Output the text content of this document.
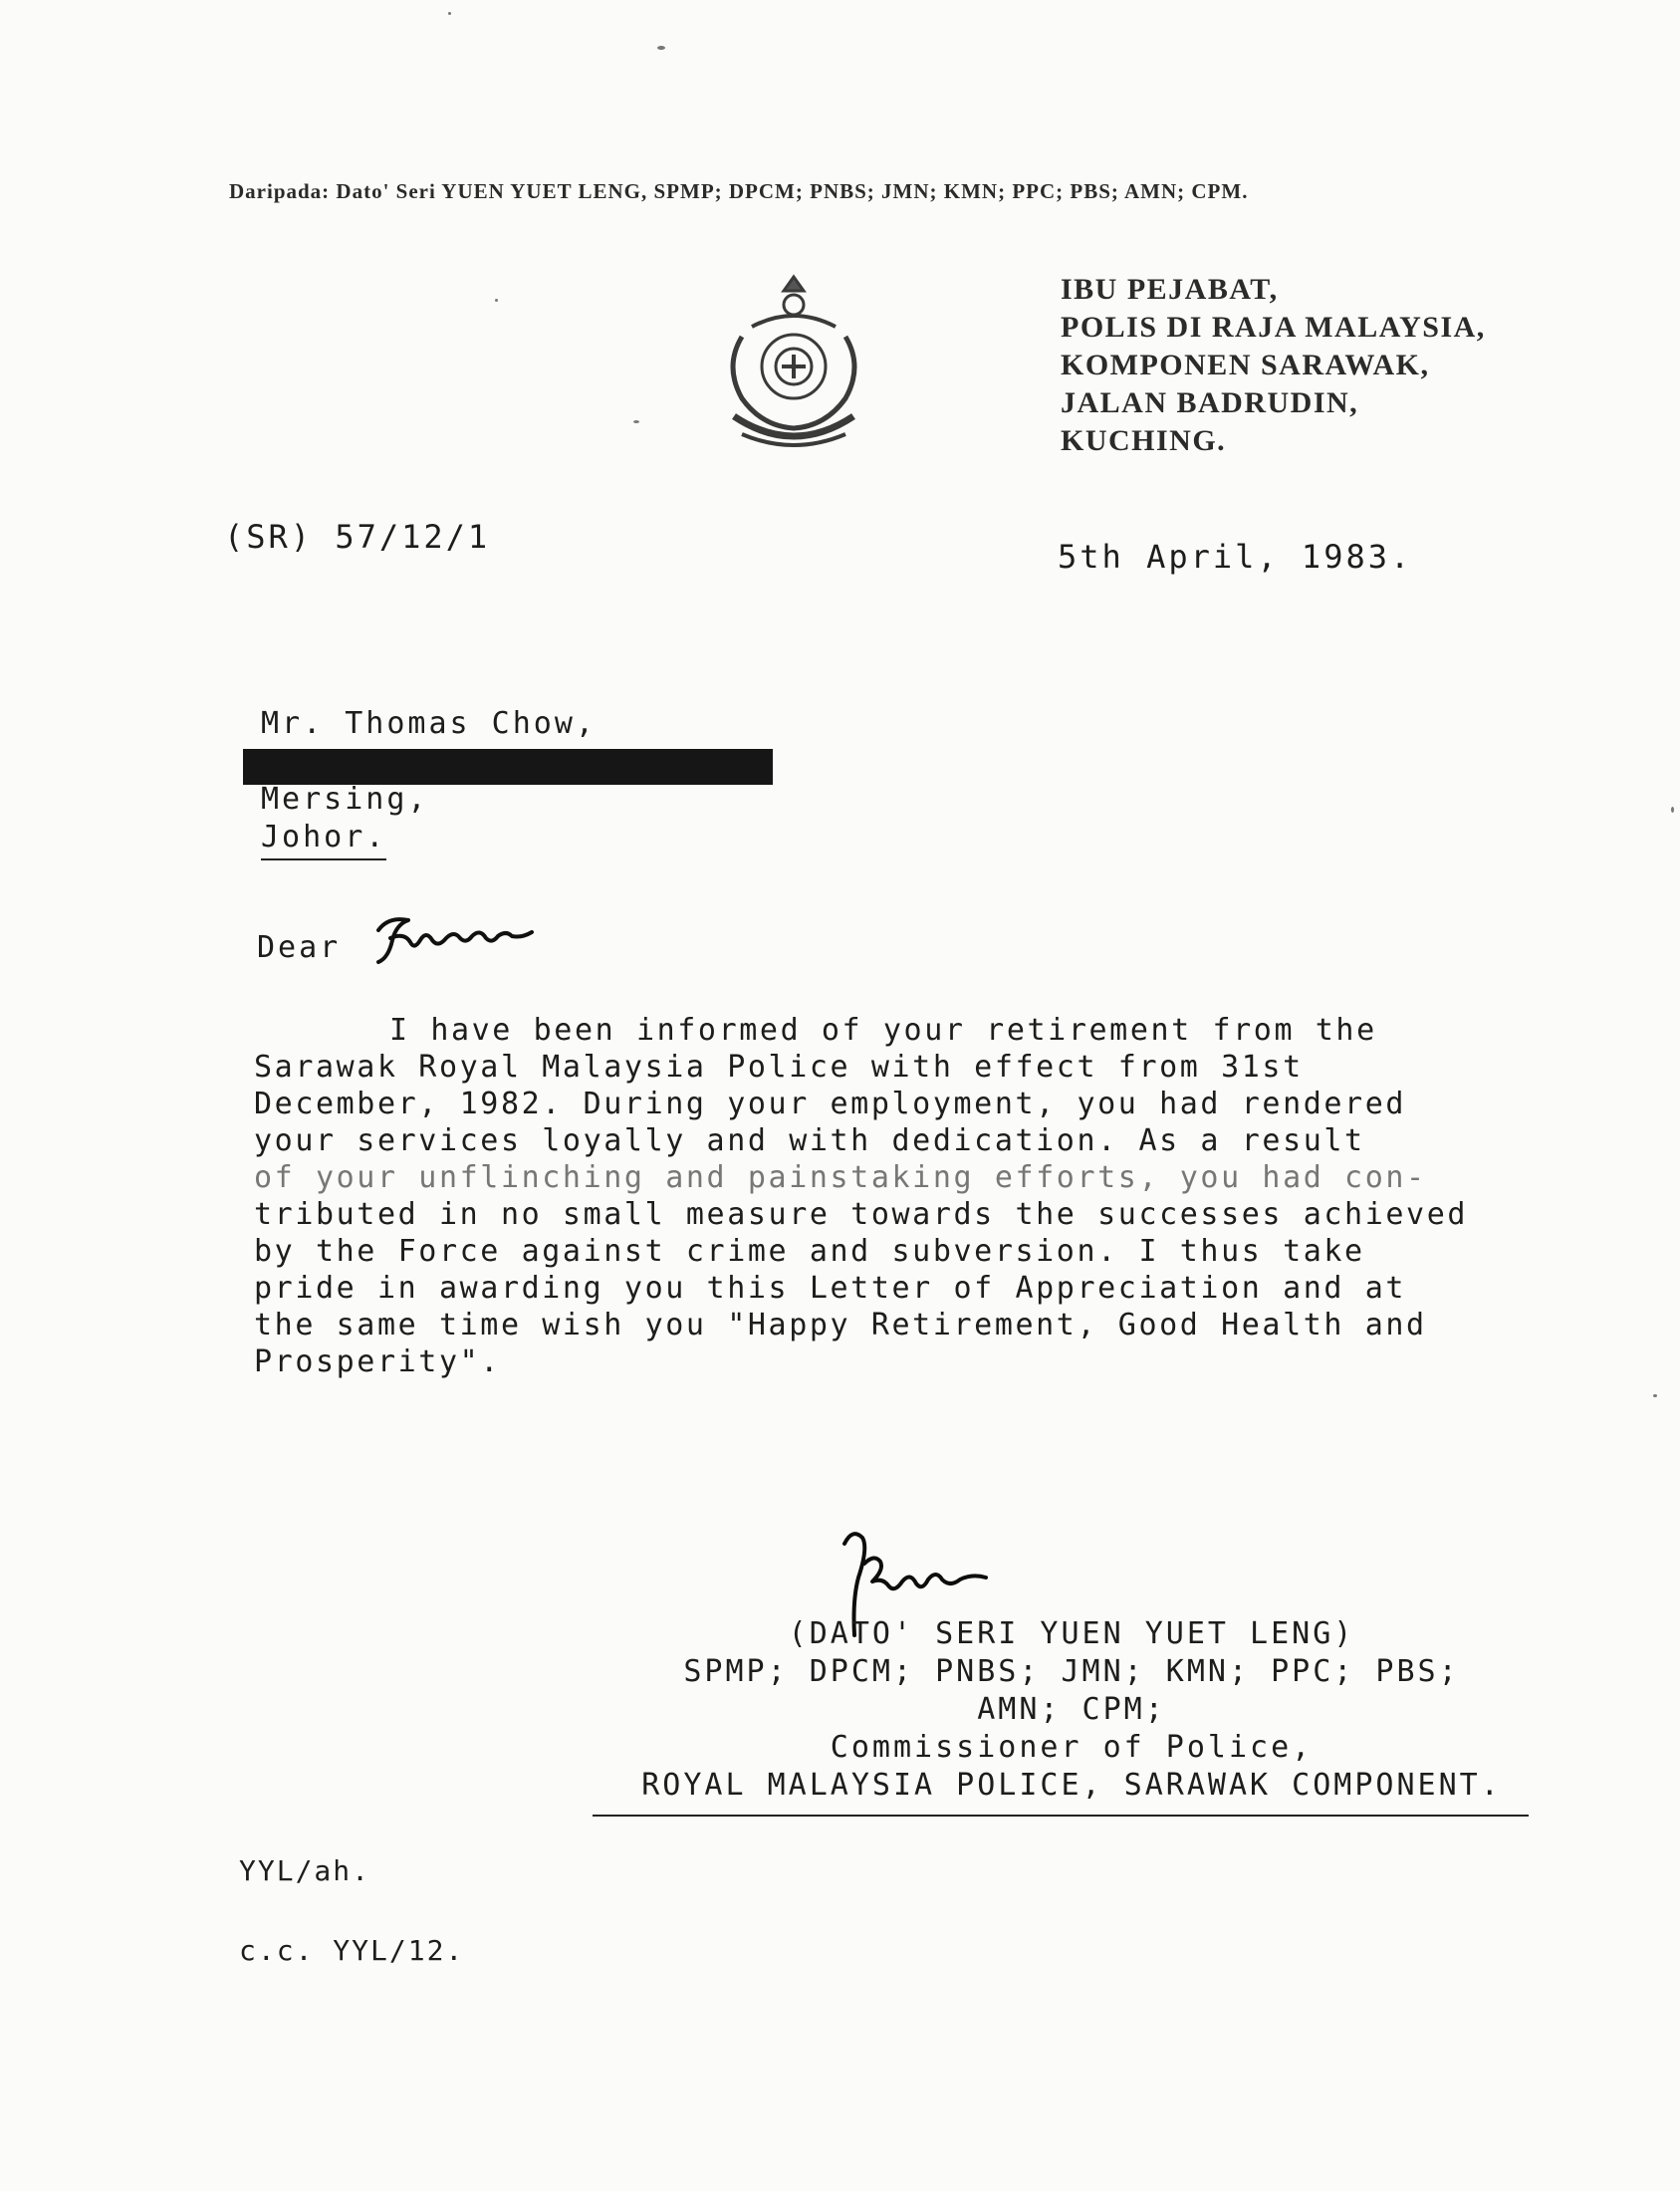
Daripada: Dato' Seri YUEN YUET LENG, SPMP; DPCM; PNBS; JMN; KMN; PPC; PBS; AMN; CPM.
IBU PEJABAT,
POLIS DI RAJA MALAYSIA,
KOMPONEN SARAWAK,
JALAN BADRUDIN,
KUCHING.
(SR) 57/12/1
5th April, 1983.
Mr. Thomas Chow,
Mersing,
Johor.
Dear
I have been informed of your retirement from the
Sarawak Royal Malaysia Police with effect from 31st
December, 1982. During your employment, you had rendered
your services loyally and with dedication. As a result
of your unflinching and painstaking efforts, you had con-
tributed in no small measure towards the successes achieved
by the Force against crime and subversion. I thus take
pride in awarding you this Letter of Appreciation and at
the same time wish you "Happy Retirement, Good Health and
Prosperity".
(DATO' SERI YUEN YUET LENG)
SPMP; DPCM; PNBS; JMN; KMN; PPC; PBS;
AMN; CPM;
Commissioner of Police,
ROYAL MALAYSIA POLICE, SARAWAK COMPONENT.
YYL/ah.
c.c. YYL/12.
